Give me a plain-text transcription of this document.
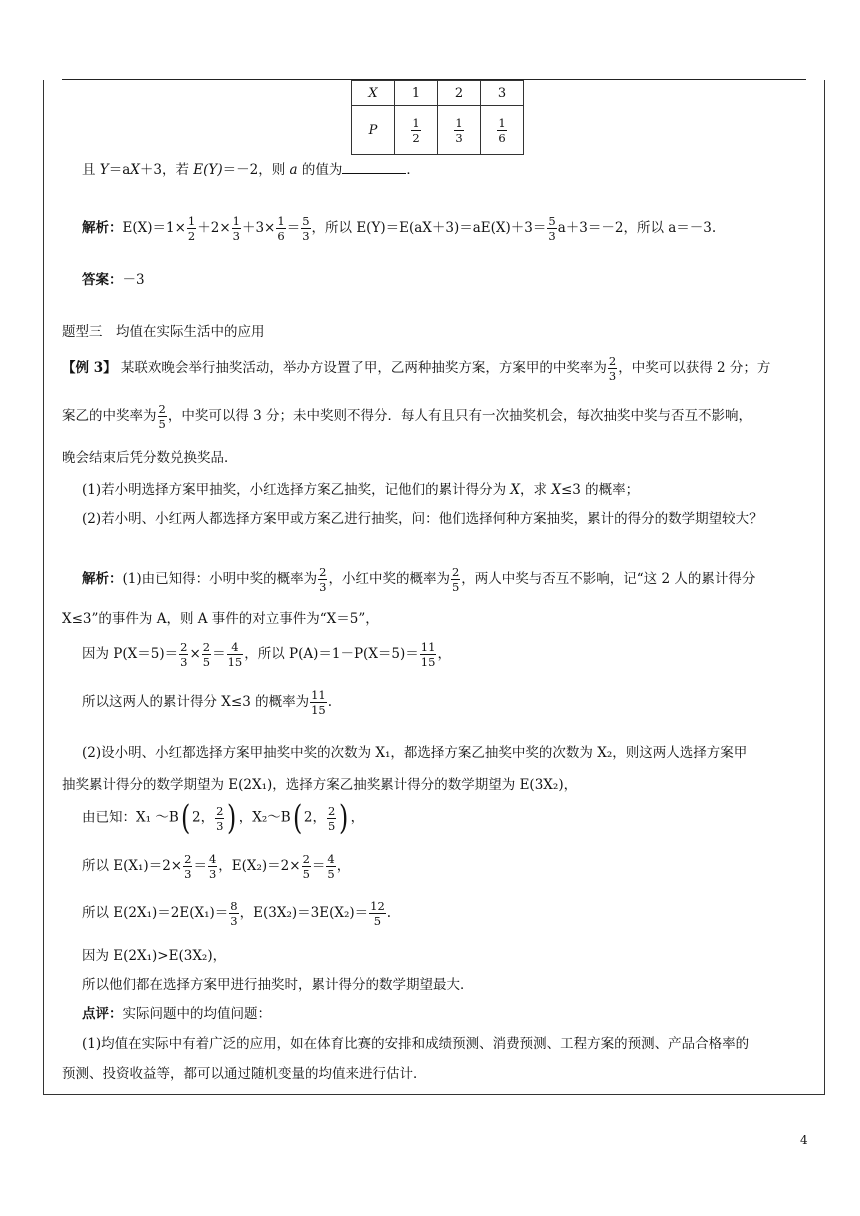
X	1	2	3
P	$\frac{1}{2}$	$\frac{1}{3}$	$\frac{1}{6}$
且 Y＝aX＋3，若 E(Y)＝－2，则 a 的值为	．
解析：$E(X)=1\times \frac{1}{2} +2\times \frac{1}{3} +3\times \frac{1}{6} = \frac{5}{3}$ ，所以 $E(Y)=E(aX+3)=aE(X)+3= \frac{5}{3} a+3=-2$，所以 a＝－3.
答案：－3
题型三　均值在实际生活中的应用
【例 3】 某联欢晚会举行抽奖活动，举办方设置了甲，乙两种抽奖方案，方案甲的中奖率为 $\frac{2}{3}$ ，中奖可以获得 2 分；方
案乙的中奖率为 $\frac{2}{5}$ ，中奖可以得 3 分；未中奖则不得分．每人有且只有一次抽奖机会，每次抽奖中奖与否互不影响，
晚会结束后凭分数兑换奖品．
(1)若小明选择方案甲抽奖，小红选择方案乙抽奖，记他们的累计得分为 X，求 X≤3 的概率；
(2)若小明、小红两人都选择方案甲或方案乙进行抽奖，问：他们选择何种方案抽奖，累计的得分的数学期望较大？
解析：(1)由已知得：小明中奖的概率为 $\frac{2}{3}$ ，小红中奖的概率为 $\frac{2}{5}$ ，两人中奖与否互不影响，记“这 2 人的累计得分
X≤3”的事件为 A，则 A 事件的对立事件为“X＝5”，
因为 $P(X=5)= \frac{2}{3} \times \frac{2}{5} = \frac{4}{15}$ ，所以 $P(A)=1-P(X=5)= \frac{11}{15}$ ，
所以这两人的累计得分 X≤3 的概率为 $\frac{11}{15}$ .
(2)设小明、小红都选择方案甲抽奖中奖的次数为 X₁，都选择方案乙抽奖中奖的次数为 X₂，则这两人选择方案甲
抽奖累计得分的数学期望为 E(2X₁)，选择方案乙抽奖累计得分的数学期望为 E(3X₂)，
由已知：X₁ ～B( 2， $\frac{2}{3}$ ) ，X₂～B( 2， $\frac{2}{5}$ ) ，
所以 $E(X_1)=2\times \frac{2}{3} = \frac{4}{3}$ ，$E(X_2)=2\times \frac{2}{5} = \frac{4}{5}$ ，
所以 $E(2X_1)=2E(X_1)= \frac{8}{3}$ ，$E(3X_2)=3E(X_2)= \frac{12}{5}$ .
因为 E(2X₁)>E(3X₂)，
所以他们都在选择方案甲进行抽奖时，累计得分的数学期望最大．
点评：实际问题中的均值问题：
(1)均值在实际中有着广泛的应用，如在体育比赛的安排和成绩预测、消费预测、工程方案的预测、产品合格率的
预测、投资收益等，都可以通过随机变量的均值来进行估计．
4
